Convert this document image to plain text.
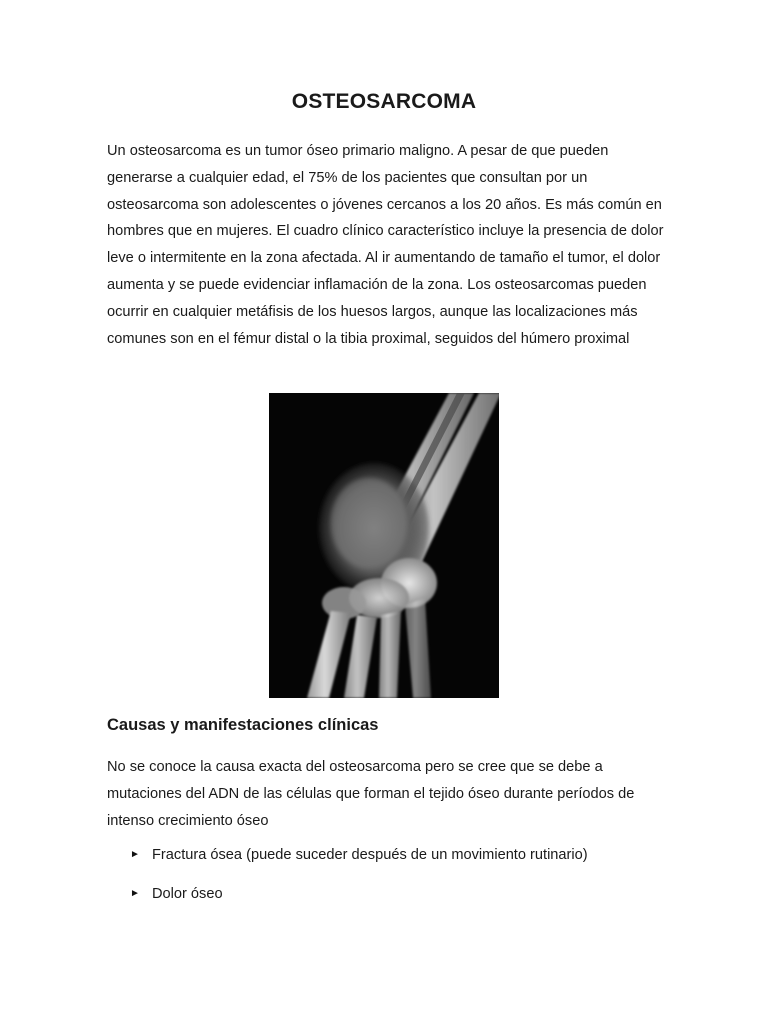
OSTEOSARCOMA

Un osteosarcoma es un tumor óseo primario maligno. A pesar de que pueden generarse a cualquier edad, el 75% de los pacientes que consultan por un osteosarcoma son adolescentes o jóvenes cercanos a los 20 años. Es más común en hombres que en mujeres. El cuadro clínico característico incluye la presencia de dolor leve o intermitente en la zona afectada. Al ir aumentando de tamaño el tumor, el dolor aumenta y se puede evidenciar inflamación de la zona. Los osteosarcomas pueden ocurrir en cualquier metáfisis de los huesos largos, aunque las localizaciones más comunes son en el fémur distal o la tibia proximal, seguidos del húmero proximal

Causas y manifestaciones clínicas

No se conoce la causa exacta del osteosarcoma pero se cree que se debe a mutaciones del ADN de las células que forman el tejido óseo durante períodos de intenso crecimiento óseo

► Fractura ósea (puede suceder después de un movimiento rutinario)
► Dolor óseo
